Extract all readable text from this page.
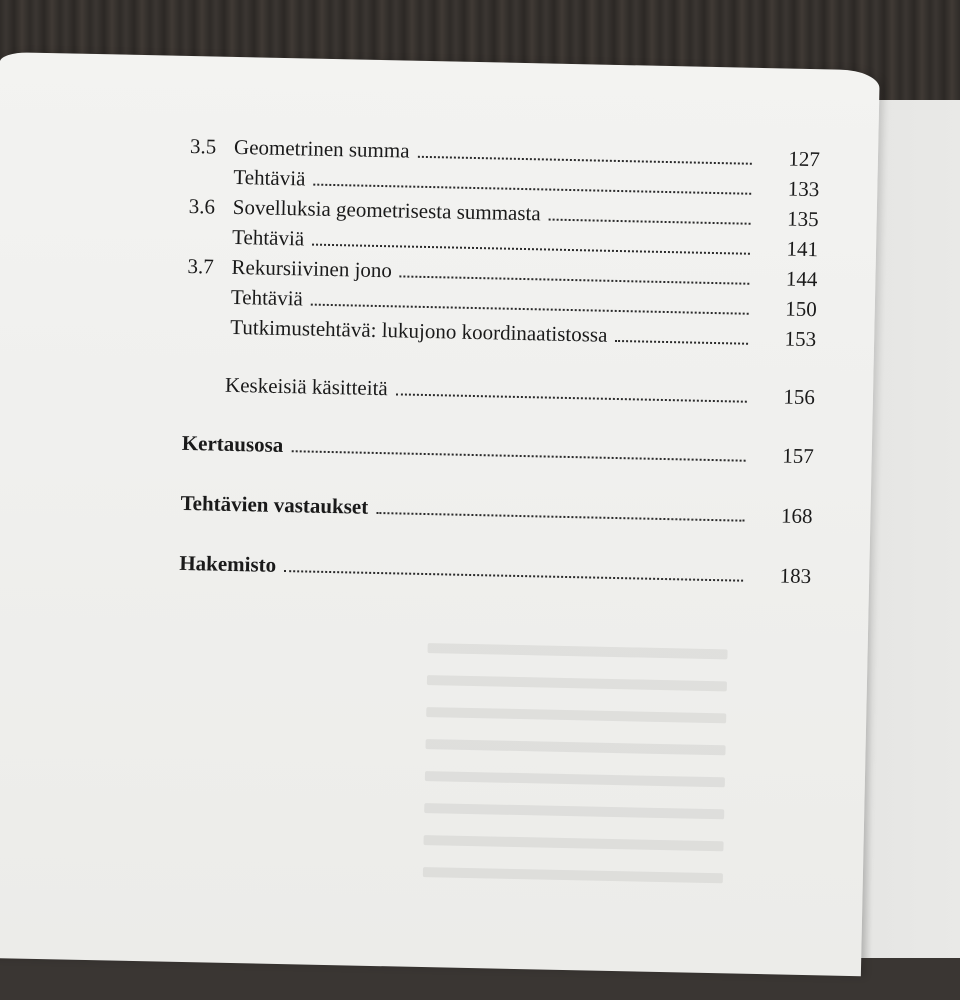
3.5 Geometrinen summa	127
Tehtäviä	133
3.6 Sovelluksia geometrisesta summasta	135
Tehtäviä	141
3.7 Rekursiivinen jono	144
Tehtäviä	150
Tutkimustehtävä: lukujono koordinaatistossa	153
Keskeisiä käsitteitä	156
Kertausosa	157
Tehtävien vastaukset	168
Hakemisto	183
